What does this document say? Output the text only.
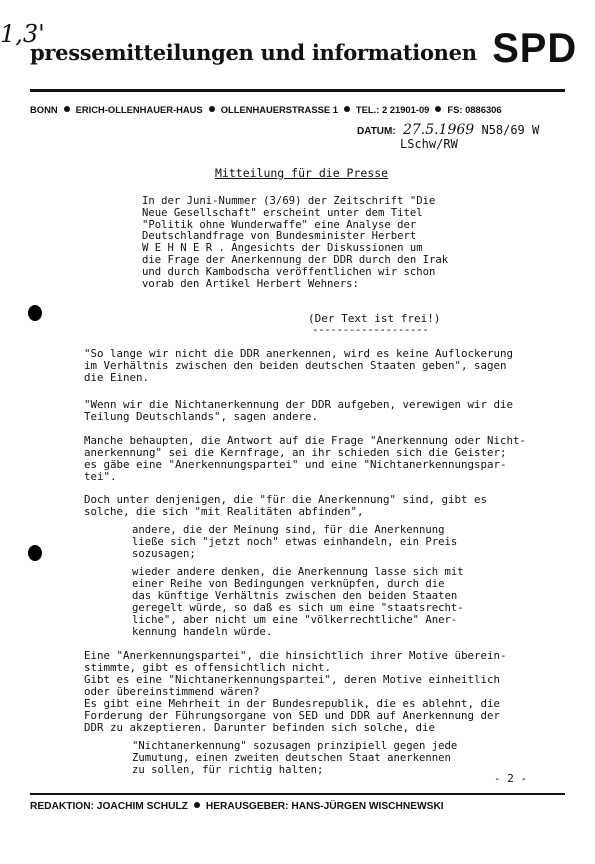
1,3'
pressemitteilungen und informationen SPD
BONN ERICH-OLLENHAUER-HAUS OLLENHAUERSTRASSE 1 TEL.: 2 21901-09 FS: 0886306
DATUM: 27.5.1969 N58/69 W
LSchw/RW
Mitteilung für die Presse
In der Juni-Nummer (3/69) der Zeitschrift "Die
Neue Gesellschaft" erscheint unter dem Titel
"Politik ohne Wunderwaffe" eine Analyse der
Deutschlandfrage von Bundesminister Herbert
W E H N E R . Angesichts der Diskussionen um
die Frage der Anerkennung der DDR durch den Irak
und durch Kambodscha veröffentlichen wir schon
vorab den Artikel Herbert Wehners:
(Der Text ist frei!)
-------------------
"So lange wir nicht die DDR anerkennen, wird es keine Auflockerung
im Verhältnis zwischen den beiden deutschen Staaten geben", sagen
die Einen.
"Wenn wir die Nichtanerkennung der DDR aufgeben, verewigen wir die
Teilung Deutschlands", sagen andere.
Manche behaupten, die Antwort auf die Frage "Anerkennung oder Nicht-
anerkennung" sei die Kernfrage, an ihr schieden sich die Geister;
es gäbe eine "Anerkennungspartei" und eine "Nichtanerkennungspar-
tei".
Doch unter denjenigen, die "für die Anerkennung" sind, gibt es
solche, die sich "mit Realitäten abfinden",
andere, die der Meinung sind, für die Anerkennung
ließe sich "jetzt noch" etwas einhandeln, ein Preis
sozusagen;
wieder andere denken, die Anerkennung lasse sich mit
einer Reihe von Bedingungen verknüpfen, durch die
das künftige Verhältnis zwischen den beiden Staaten
geregelt würde, so daß es sich um eine "staatsrecht-
liche", aber nicht um eine "völkerrechtliche" Aner-
kennung handeln würde.
Eine "Anerkennungspartei", die hinsichtlich ihrer Motive überein-
stimmte, gibt es offensichtlich nicht.
Gibt es eine "Nichtanerkennungspartei", deren Motive einheitlich
oder übereinstimmend wären?
Es gibt eine Mehrheit in der Bundesrepublik, die es ablehnt, die
Forderung der Führungsorgane von SED und DDR auf Anerkennung der
DDR zu akzeptieren. Darunter befinden sich solche, die
"Nichtanerkennung" sozusagen prinzipiell gegen jede
Zumutung, einen zweiten deutschen Staat anerkennen
zu sollen, für richtig halten;
- 2 -
REDAKTION: JOACHIM SCHULZ HERAUSGEBER: HANS-JÜRGEN WISCHNEWSKI
